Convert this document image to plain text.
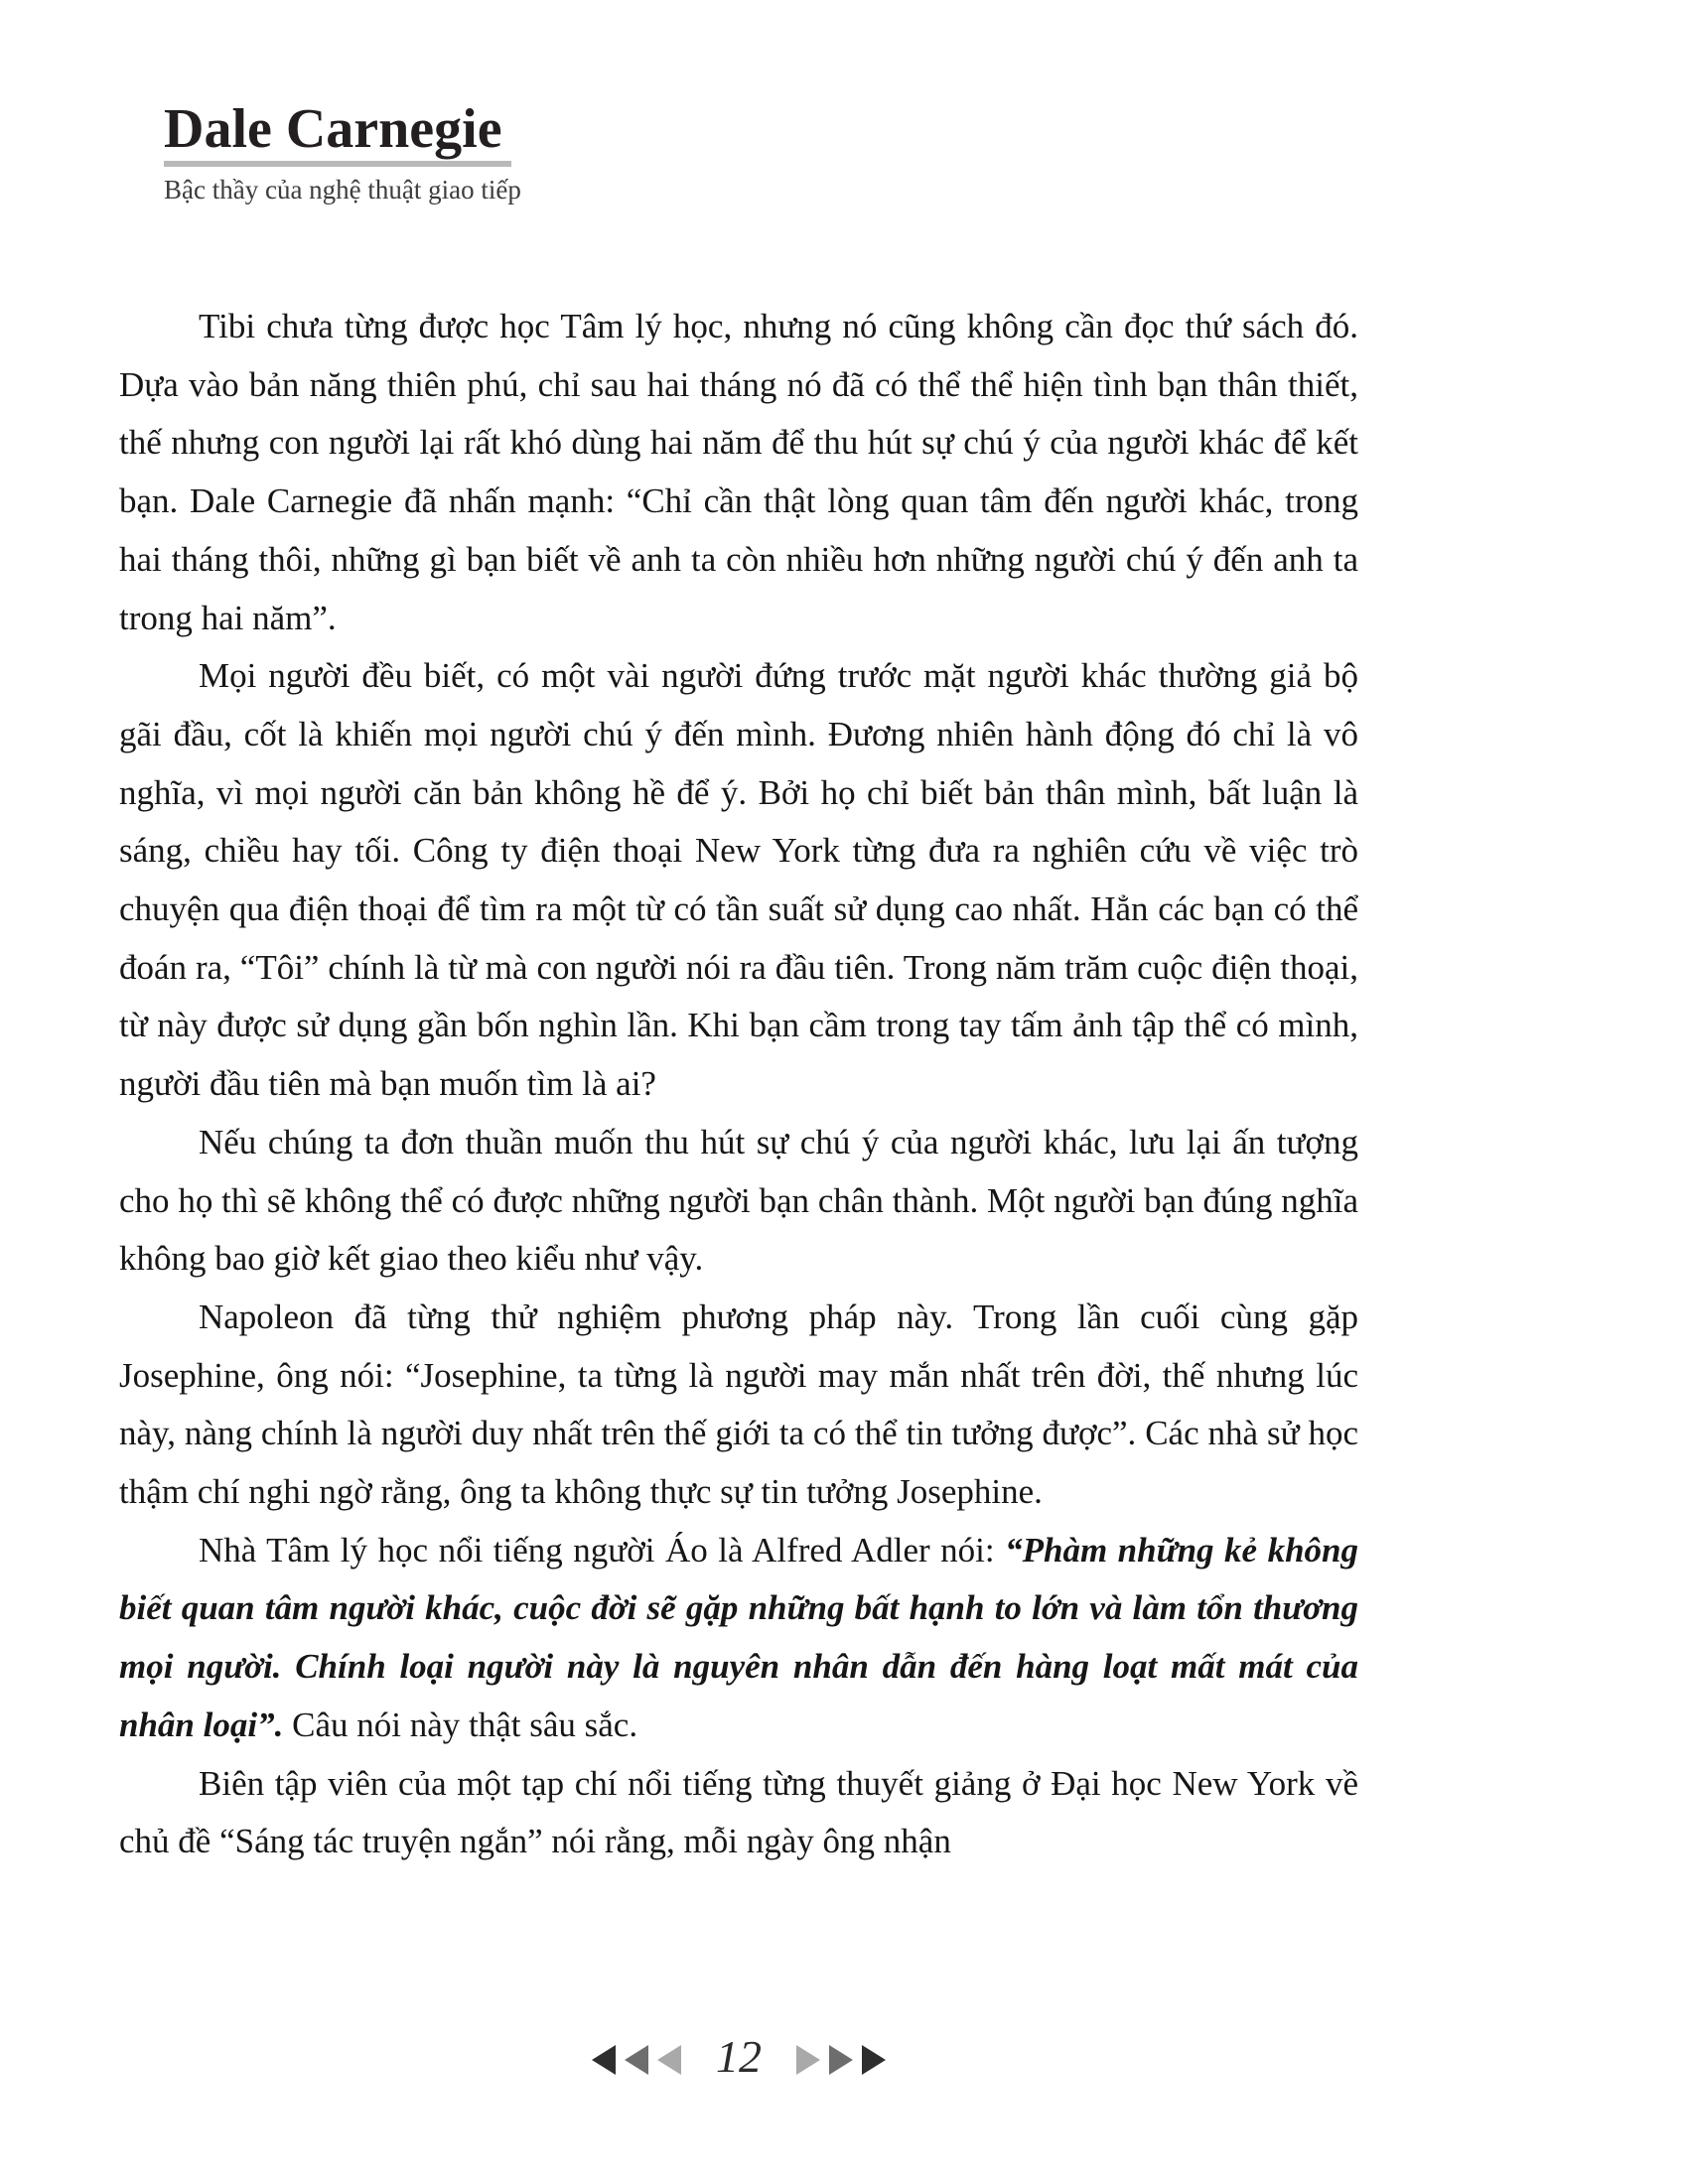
Dale Carnegie
Bậc thầy của nghệ thuật giao tiếp

Tibi chưa từng được học Tâm lý học, nhưng nó cũng không cần đọc thứ sách đó. Dựa vào bản năng thiên phú, chỉ sau hai tháng nó đã có thể thể hiện tình bạn thân thiết, thế nhưng con người lại rất khó dùng hai năm để thu hút sự chú ý của người khác để kết bạn. Dale Carnegie đã nhấn mạnh: “Chỉ cần thật lòng quan tâm đến người khác, trong hai tháng thôi, những gì bạn biết về anh ta còn nhiều hơn những người chú ý đến anh ta trong hai năm”.

Mọi người đều biết, có một vài người đứng trước mặt người khác thường giả bộ gãi đầu, cốt là khiến mọi người chú ý đến mình. Đương nhiên hành động đó chỉ là vô nghĩa, vì mọi người căn bản không hề để ý. Bởi họ chỉ biết bản thân mình, bất luận là sáng, chiều hay tối. Công ty điện thoại New York từng đưa ra nghiên cứu về việc trò chuyện qua điện thoại để tìm ra một từ có tần suất sử dụng cao nhất. Hẳn các bạn có thể đoán ra, “Tôi” chính là từ mà con người nói ra đầu tiên. Trong năm trăm cuộc điện thoại, từ này được sử dụng gần bốn nghìn lần. Khi bạn cầm trong tay tấm ảnh tập thể có mình, người đầu tiên mà bạn muốn tìm là ai?

Nếu chúng ta đơn thuần muốn thu hút sự chú ý của người khác, lưu lại ấn tượng cho họ thì sẽ không thể có được những người bạn chân thành. Một người bạn đúng nghĩa không bao giờ kết giao theo kiểu như vậy.

Napoleon đã từng thử nghiệm phương pháp này. Trong lần cuối cùng gặp Josephine, ông nói: “Josephine, ta từng là người may mắn nhất trên đời, thế nhưng lúc này, nàng chính là người duy nhất trên thế giới ta có thể tin tưởng được”. Các nhà sử học thậm chí nghi ngờ rằng, ông ta không thực sự tin tưởng Josephine.

Nhà Tâm lý học nổi tiếng người Áo là Alfred Adler nói: “Phàm những kẻ không biết quan tâm người khác, cuộc đời sẽ gặp những bất hạnh to lớn và làm tổn thương mọi người. Chính loại người này là nguyên nhân dẫn đến hàng loạt mất mát của nhân loại”. Câu nói này thật sâu sắc.

Biên tập viên của một tạp chí nổi tiếng từng thuyết giảng ở Đại học New York về chủ đề “Sáng tác truyện ngắn” nói rằng, mỗi ngày ông nhận

12
